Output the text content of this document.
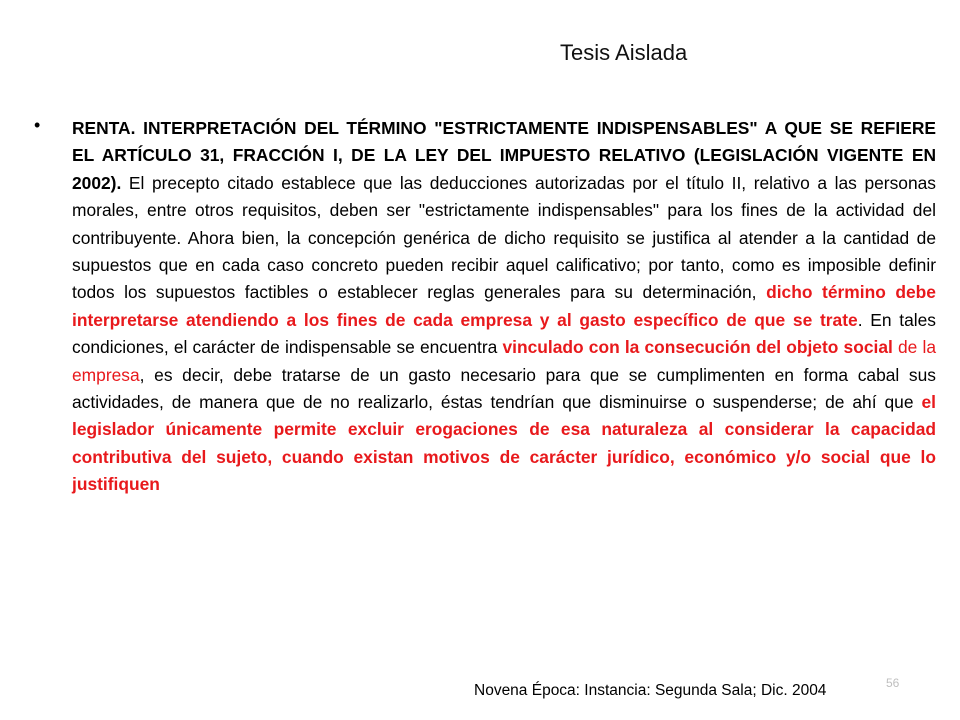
Tesis Aislada
• RENTA. INTERPRETACIÓN DEL TÉRMINO "ESTRICTAMENTE INDISPENSABLES" A QUE SE REFIERE EL ARTÍCULO 31, FRACCIÓN I, DE LA LEY DEL IMPUESTO RELATIVO (LEGISLACIÓN VIGENTE EN 2002). El precepto citado establece que las deducciones autorizadas por el título II, relativo a las personas morales, entre otros requisitos, deben ser "estrictamente indispensables" para los fines de la actividad del contribuyente. Ahora bien, la concepción genérica de dicho requisito se justifica al atender a la cantidad de supuestos que en cada caso concreto pueden recibir aquel calificativo; por tanto, como es imposible definir todos los supuestos factibles o establecer reglas generales para su determinación, dicho término debe interpretarse atendiendo a los fines de cada empresa y al gasto específico de que se trate. En tales condiciones, el carácter de indispensable se encuentra vinculado con la consecución del objeto social de la empresa, es decir, debe tratarse de un gasto necesario para que se cumplimenten en forma cabal sus actividades, de manera que de no realizarlo, éstas tendrían que disminuirse o suspenderse; de ahí que el legislador únicamente permite excluir erogaciones de esa naturaleza al considerar la capacidad contributiva del sujeto, cuando existan motivos de carácter jurídico, económico y/o social que lo justifiquen
56
Novena Época: Instancia: Segunda Sala; Dic. 2004
